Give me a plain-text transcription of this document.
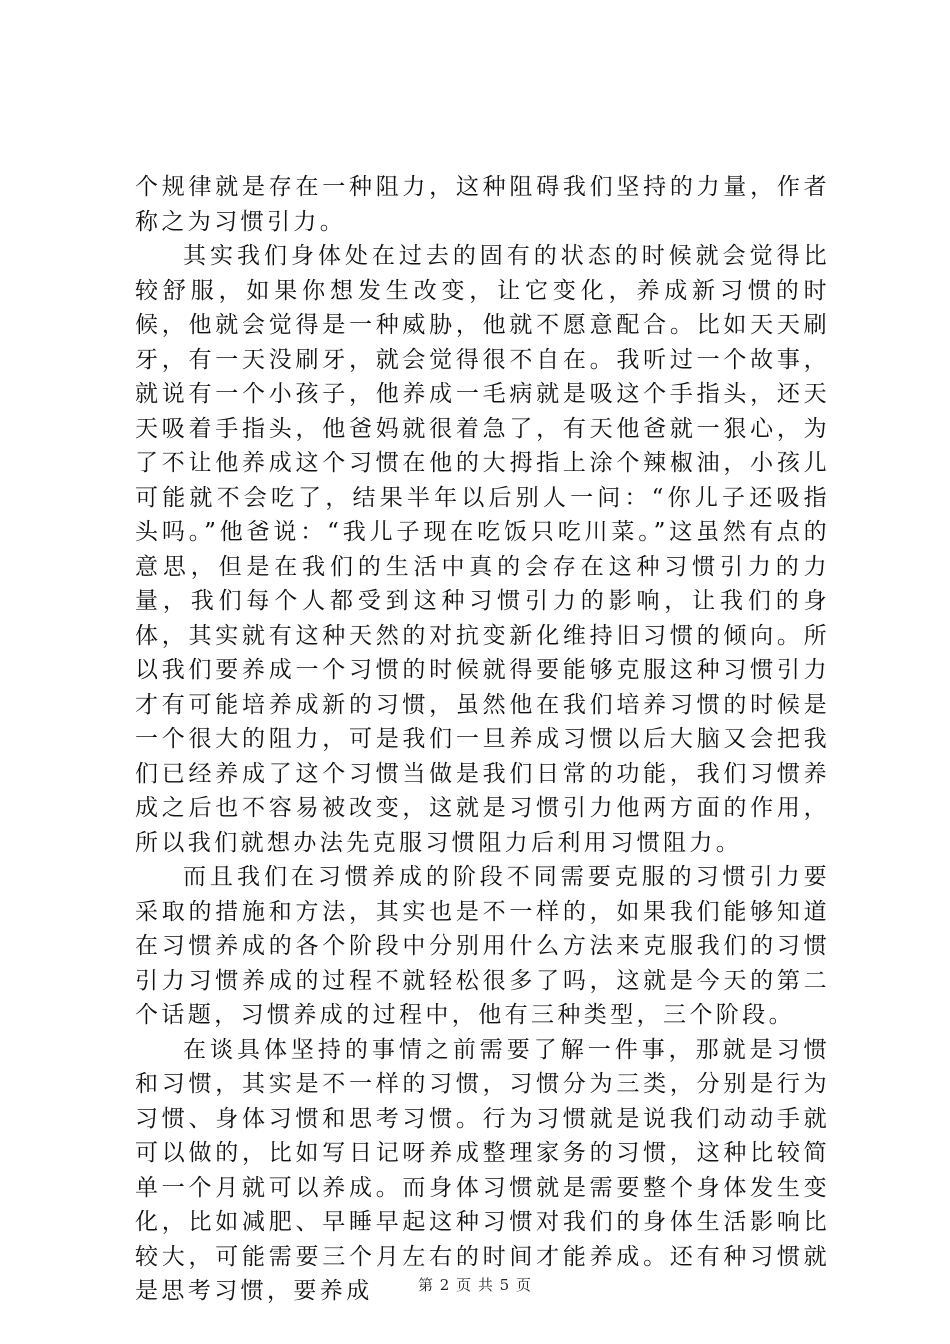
个规律就是存在一种阻力，这种阻碍我们坚持的力量，作者称之为习惯引力。

其实我们身体处在过去的固有的状态的时候就会觉得比较舒服，如果你想发生改变，让它变化，养成新习惯的时候，他就会觉得是一种威胁，他就不愿意配合。比如天天刷牙，有一天没刷牙，就会觉得很不自在。我听过一个故事，就说有一个小孩子，他养成一毛病就是吸这个手指头，还天天吸着手指头，他爸妈就很着急了，有天他爸就一狠心，为了不让他养成这个习惯在他的大拇指上涂个辣椒油，小孩儿可能就不会吃了，结果半年以后别人一问：“你儿子还吸指头吗。”他爸说：“我儿子现在吃饭只吃川菜。”这虽然有点的意思，但是在我们的生活中真的会存在这种习惯引力的力量，我们每个人都受到这种习惯引力的影响，让我们的身体，其实就有这种天然的对抗变新化维持旧习惯的倾向。所以我们要养成一个习惯的时候就得要能够克服这种习惯引力才有可能培养成新的习惯，虽然他在我们培养习惯的时候是一个很大的阻力，可是我们一旦养成习惯以后大脑又会把我们已经养成了这个习惯当做是我们日常的功能，我们习惯养成之后也不容易被改变，这就是习惯引力他两方面的作用，所以我们就想办法先克服习惯阻力后利用习惯阻力。

而且我们在习惯养成的阶段不同需要克服的习惯引力要采取的措施和方法，其实也是不一样的，如果我们能够知道在习惯养成的各个阶段中分别用什么方法来克服我们的习惯引力习惯养成的过程不就轻松很多了吗，这就是今天的第二个话题，习惯养成的过程中，他有三种类型，三个阶段。

在谈具体坚持的事情之前需要了解一件事，那就是习惯和习惯，其实是不一样的习惯，习惯分为三类，分别是行为习惯、身体习惯和思考习惯。行为习惯就是说我们动动手就可以做的，比如写日记呀养成整理家务的习惯，这种比较简单一个月就可以养成。而身体习惯就是需要整个身体发生变化，比如减肥、早睡早起这种习惯对我们的身体生活影响比较大，可能需要三个月左右的时间才能养成。还有种习惯就是思考习惯，要养成	第 2 页 共 5 页
